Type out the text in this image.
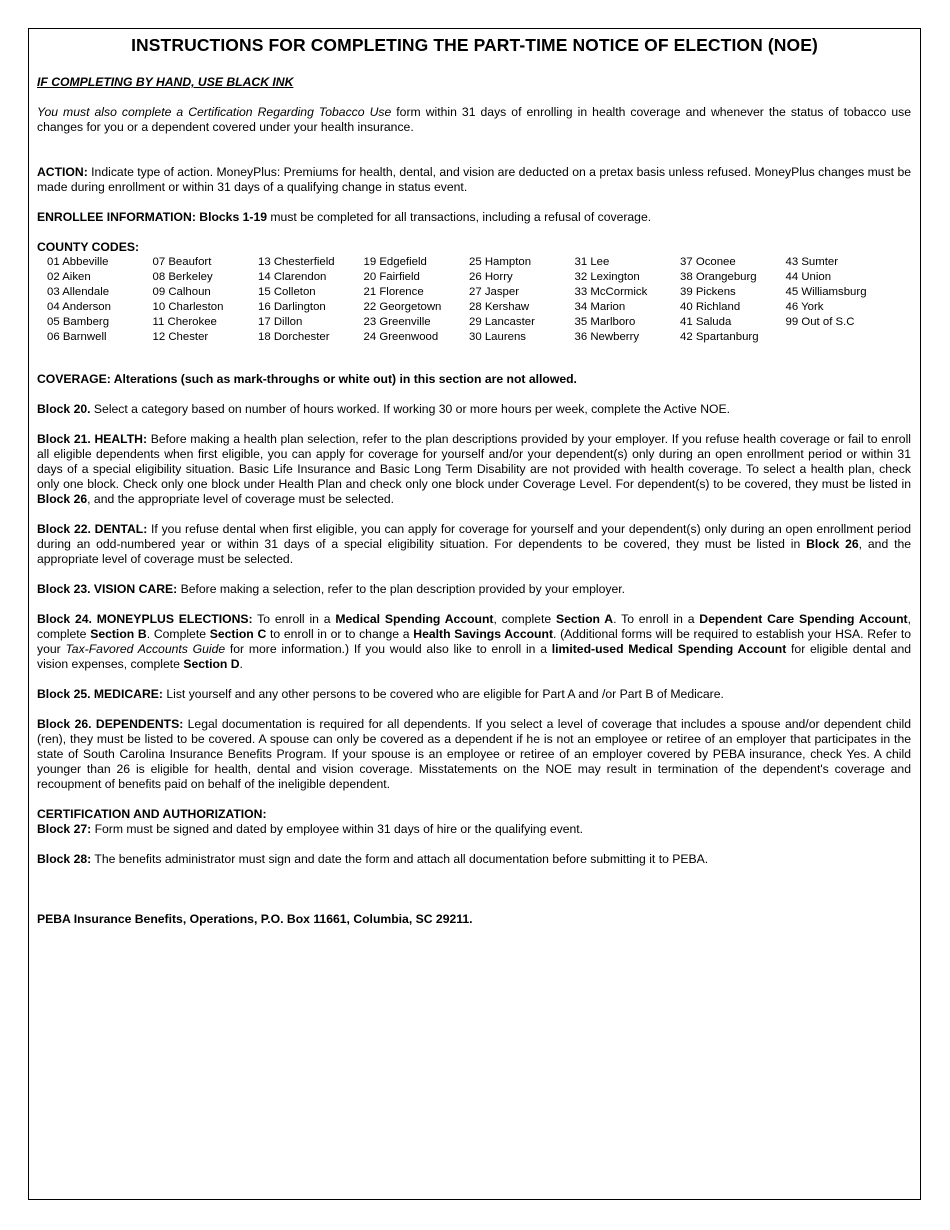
INSTRUCTIONS FOR COMPLETING THE PART-TIME NOTICE OF ELECTION (NOE)

IF COMPLETING BY HAND, USE BLACK INK

You must also complete a Certification Regarding Tobacco Use form within 31 days of enrolling in health coverage and whenever the status of tobacco use changes for you or a dependent covered under your health insurance.

ACTION: Indicate type of action. MoneyPlus: Premiums for health, dental, and vision are deducted on a pretax basis unless refused. MoneyPlus changes must be made during enrollment or within 31 days of a qualifying change in status event.

ENROLLEE INFORMATION: Blocks 1-19 must be completed for all transactions, including a refusal of coverage.

COUNTY CODES:

01 Abbeville
02 Aiken
03 Allendale
04 Anderson
05 Bamberg
06 Barnwell
07 Beaufort
08 Berkeley
09 Calhoun
10 Charleston
11 Cherokee
12 Chester
13 Chesterfield
14 Clarendon
15 Colleton
16 Darlington
17 Dillon
18 Dorchester
19 Edgefield
20 Fairfield
21 Florence
22 Georgetown
23 Greenville
24 Greenwood
25 Hampton
26 Horry
27 Jasper
28 Kershaw
29 Lancaster
30 Laurens
31 Lee
32 Lexington
33 McCormick
34 Marion
35 Marlboro
36 Newberry
37 Oconee
38 Orangeburg
39 Pickens
40 Richland
41 Saluda
42 Spartanburg
43 Sumter
44 Union
45 Williamsburg
46 York
99 Out of S.C

COVERAGE: Alterations (such as mark-throughs or white out) in this section are not allowed.

Block 20. Select a category based on number of hours worked. If working 30 or more hours per week, complete the Active NOE.

Block 21. HEALTH: Before making a health plan selection, refer to the plan descriptions provided by your employer. If you refuse health coverage or fail to enroll all eligible dependents when first eligible, you can apply for coverage for yourself and/or your dependent(s) only during an open enrollment period or within 31 days of a special eligibility situation. Basic Life Insurance and Basic Long Term Disability are not provided with health coverage. To select a health plan, check only one block. Check only one block under Health Plan and check only one block under Coverage Level. For dependent(s) to be covered, they must be listed in Block 26, and the appropriate level of coverage must be selected.

Block 22. DENTAL: If you refuse dental when first eligible, you can apply for coverage for yourself and your dependent(s) only during an open enrollment period during an odd-numbered year or within 31 days of a special eligibility situation. For dependents to be covered, they must be listed in Block 26, and the appropriate level of coverage must be selected.

Block 23. VISION CARE: Before making a selection, refer to the plan description provided by your employer.

Block 24. MONEYPLUS ELECTIONS: To enroll in a Medical Spending Account, complete Section A. To enroll in a Dependent Care Spending Account, complete Section B. Complete Section C to enroll in or to change a Health Savings Account. (Additional forms will be required to establish your HSA. Refer to your Tax-Favored Accounts Guide for more information.) If you would also like to enroll in a limited-used Medical Spending Account for eligible dental and vision expenses, complete Section D.

Block 25. MEDICARE: List yourself and any other persons to be covered who are eligible for Part A and /or Part B of Medicare.

Block 26. DEPENDENTS: Legal documentation is required for all dependents. If you select a level of coverage that includes a spouse and/or dependent child (ren), they must be listed to be covered. A spouse can only be covered as a dependent if he is not an employee or retiree of an employer that participates in the state of South Carolina Insurance Benefits Program. If your spouse is an employee or retiree of an employer covered by PEBA insurance, check Yes. A child younger than 26 is eligible for health, dental and vision coverage. Misstatements on the NOE may result in termination of the dependent's coverage and recoupment of benefits paid on behalf of the ineligible dependent.

CERTIFICATION AND AUTHORIZATION:

Block 27: Form must be signed and dated by employee within 31 days of hire or the qualifying event.

Block 28: The benefits administrator must sign and date the form and attach all documentation before submitting it to PEBA.

PEBA Insurance Benefits, Operations, P.O. Box 11661, Columbia, SC 29211.
